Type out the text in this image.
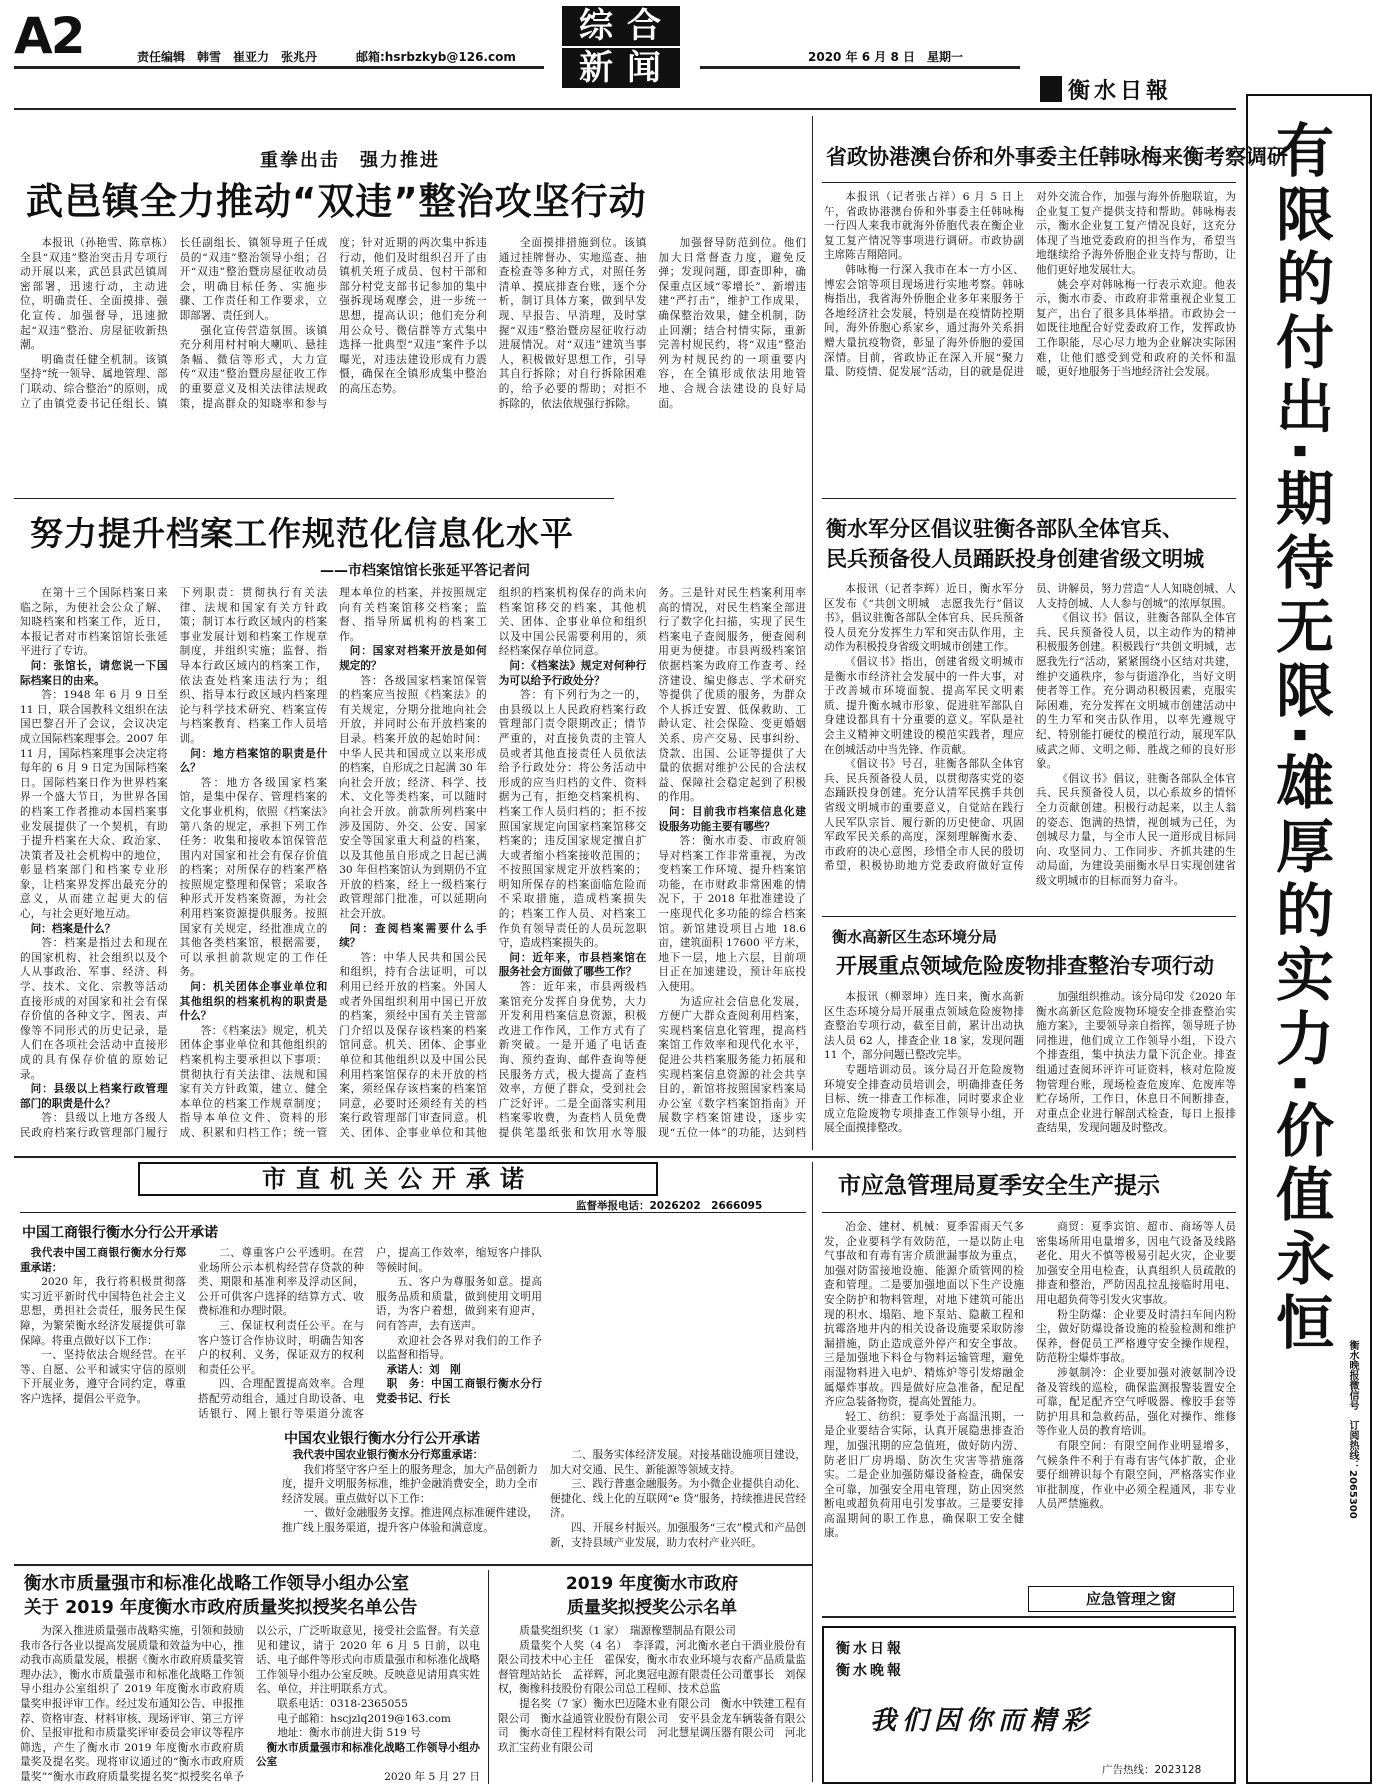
A2	责任编辑　韩雪　崔亚力　张兆丹	邮箱:hsrbzkyb@126.com
综合
新闻	2020 年 6 月 8 日　星期一
衡水日報
有限的付出·期待无限·雄厚的实力·价值永恒
衡水晚报微信号　订阅热线：2065300
重拳出击　强力推进
武邑镇全力推动“双违”整治攻坚行动

本报讯（孙艳雪、陈章栋）全县“双违”整治突击月专项行动开展以来，武邑县武邑镇周密部署，迅速行动，主动进位，明确责任、全面摸排、强化宣传、加强督导，迅速掀起“双违”整治、房屋征收新热潮。

明确责任健全机制。该镇坚持“统一领导、属地管理、部门联动、综合整治”的原则，成立了由镇党委书记任组长、镇长任副组长、镇领导班子任成员的“双违”整治领导小组；召开“双违”整治暨房屋征收动员会，明确目标任务、实施步骤、工作责任和工作要求，立即部署、责任到人。

强化宣传营造氛围。该镇充分利用村村响大喇叭、悬挂条幅、微信等形式，大力宣传“双违”整治暨房屋征收工作的重要意义及相关法律法规政策，提高群众的知晓率和参与度；针对近期的两次集中拆违行动，他们及时组织召开了由镇机关班子成员、包村干部和部分村党支部书记参加的集中强拆现场观摩会，进一步统一思想，提高认识；他们充分利用公众号、微信群等方式集中选择一批典型“双违”案件予以曝光，对违法建设形成有力震慑，确保在全镇形成集中整治的高压态势。

全面摸排措施到位。该镇通过挂牌督办、实地巡查、抽查检查等多种方式，对照任务清单、摸底排查台账，逐个分析，制订具体方案，做到早发现、早报告、早消理，及时掌握“双违”整治暨房屋征收行动进展情况。对“双违”建筑当事人，积极做好思想工作，引导其自行拆除；对自行拆除困难的，给予必要的帮助；对拒不拆除的，依法依规强行拆除。

加强督导防范到位。他们加大日常督查力度，避免反弹；发现问题，即查即种，确保重点区域“零增长”、新增违建“严打击”，维护工作成果，确保整治效果，健全机制，防止回潮；结合村情实际，重新完善村规民约，将“双违”整治列为村规民约的一项重要内容，在全镇形成依法用地管地、合规合法建设的良好局面。

努力提升档案工作规范化信息化水平
——市档案馆馆长张延平答记者问

在第十三个国际档案日来临之际，为使社会公众了解、知晓档案和档案工作，近日，本报记者对市档案馆馆长张延平进行了专访。

问：张馆长，请您说一下国际档案日的由来。

答：1948 年 6 月 9 日至 11 日，联合国教科文组织在法国巴黎召开了会议，会议决定成立国际档案理事会。2007 年 11 月，国际档案理事会决定将每年的 6 月 9 日定为国际档案日。国际档案日作为世界档案界一个盛大节日，为世界各国的档案工作者推动本国档案事业发展提供了一个契机，有助于提升档案在大众、政治家、决策者及社会机构中的地位，彰显档案部门和档案专业形象，让档案界发挥出最充分的意义，从而建立起更大的信心，与社会更好地互动。

问：档案是什么？

答：档案是指过去和现在的国家机构、社会组织以及个人从事政治、军事、经济、科学、技术、文化、宗教等活动直接形成的对国家和社会有保存价值的各种文字、图表、声像等不同形式的历史记录，是人们在各项社会活动中直接形成的具有保存价值的原始记录。

问：县级以上档案行政管理部门的职责是什么？

答：县级以上地方各级人民政府档案行政管理部门履行下列职责：贯彻执行有关法律、法规和国家有关方针政策；制订本行政区域内的档案事业发展计划和档案工作规章制度，并组织实施；监督、指导本行政区域内的档案工作，依法查处档案违法行为；组织、指导本行政区域内档案理论与科学技术研究、档案宣传与档案教育、档案工作人员培训。

问：地方档案馆的职责是什么？

答：地方各级国家档案馆，是集中保存、管理档案的文化事业机构，依照《档案法》第八条的规定，承担下列工作任务：收集和接收本馆保管范围内对国家和社会有保存价值的档案；对所保存的档案严格按照规定整理和保管；采取各种形式开发档案资源，为社会利用档案资源提供服务。按照国家有关规定，经批准成立的其他各类档案馆，根据需要，可以承担前款规定的工作任务。

问：机关团体企事业单位和其他组织的档案机构的职责是什么？

答：《档案法》规定，机关团体企事业单位和其他组织的档案机构主要承担以下事项：贯彻执行有关法律、法规和国家有关方针政策，建立、健全本单位的档案工作规章制度；指导本单位文件、资料的形成、积累和归档工作；统一管理本单位的档案，并按照规定向有关档案馆移交档案；监督、指导所属机构的档案工作。

问：国家对档案开放是如何规定的？

答：各级国家档案馆保管的档案应当按照《档案法》的有关规定，分期分批地向社会开放，并同时公布开放档案的目录。档案开放的起始时间：中华人民共和国成立以来形成的档案，自形成之日起满 30 年向社会开放；经济、科学、技术、文化等类档案，可以随时向社会开放。前款所列档案中涉及国防、外交、公安、国家安全等国家重大利益的档案，以及其他虽自形成之日起已满 30 年但档案馆认为到期仍不宜开放的档案，经上一级档案行政管理部门批准，可以延期向社会开放。

问：查阅档案需要什么手续？

答：中华人民共和国公民和组织，持有合法证明，可以利用已经开放的档案。外国人或者外国组织利用中国已开放的档案，须经中国有关主管部门介绍以及保存该档案的档案馆同意。机关、团体、企事业单位和其他组织以及中国公民利用档案馆保存的未开放的档案，须经保存该档案的档案馆同意，必要时还须经有关的档案行政管理部门审查同意。机关、团体、企事业单位和其他组织的档案机构保存的尚未向档案馆移交的档案，其他机关、团体、企事业单位和组织以及中国公民需要利用的，须经档案保存单位同意。

问：《档案法》规定对何种行为可以给予行政处分？

答：有下列行为之一的，由县级以上人民政府档案行政管理部门责令限期改正；情节严重的，对直接负责的主管人员或者其他直接责任人员依法给予行政处分：将公务活动中形成的应当归档的文件、资料据为己有，拒绝交档案机构、档案工作人员归档的；拒不按照国家规定向国家档案馆移交档案的；违反国家规定擅自扩大或者缩小档案接收范围的；不按照国家规定开放档案的；明知所保存的档案面临危险而不采取措施，造成档案损失的；档案工作人员、对档案工作负有领导责任的人员玩忽职守，造成档案损失的。

问：近年来，市县档案馆在服务社会方面做了哪些工作？

答：近年来，市县两级档案馆充分发挥自身优势，大力开发利用档案信息资源，积极改进工作作风，工作方式有了新突破。一是开通了电话查询、预约查询、邮件查询等便民服务方式，极大提高了查档效率，方便了群众，受到社会广泛好评。二是全面落实利用档案零收费，为查档人员免费提供笔墨纸张和饮用水等服务。三是针对民生档案利用率高的情况，对民生档案全部进行了数字化扫描，实现了民生档案电子查阅服务，便查阅利用更为便捷。市县两级档案馆依据档案为政府工作查考、经济建设、编史修志、学术研究等提供了优质的服务，为群众个人拆迁安置、低保救助、工龄认定、社会保险、变更婚姻关系、房产交易、民事纠纷、贷款、出国、公证等提供了大量的依据对维护公民的合法权益、保障社会稳定起到了积极的作用。

问：目前我市档案信息化建设服务功能主要有哪些？

答：衡水市委、市政府领导对档案工作非常重视，为改变档案工作环境、提升档案馆功能，在市财政非常困难的情况下，于 2018 年批准建设了一座现代化多功能的综合档案馆。新馆建设项目占地 18.6 亩，建筑面积 17600 平方米，地下一层，地上六层，目前项目正在加速建设，预计年底投入使用。

为适应社会信息化发展，方便广大群众查阅利用档案，实现档案信息化管理，提高档案馆工作效率和现代化水平，促进公共档案服务能力拓展和实现档案信息资源的社会共享目的，新馆将按照国家档案局办公室《数字档案馆指南》开展数字档案馆建设，逐步实现“五位一体”的功能，达到档

省政协港澳台侨和外事委主任韩咏梅来衡考察调研

本报讯（记者张占祥）6 月 5 日上午，省政协港澳台侨和外事委主任韩咏梅一行四人来我市就海外侨胞代表在衡企业复工复产情况等事项进行调研。市政协副主席陈吉翔陪同。

韩咏梅一行深入我市在本一方小区、博宏会馆等项目现场进行实地考察。韩咏梅指出，我省海外侨胞企业多年来服务于各地经济社会发展，特别是在疫情防控期间，海外侨胞心系家乡，通过海外关系捐赠大量抗疫物资，彰显了海外侨胞的爱国深情。目前，省政协正在深入开展“聚力量、防疫情、促发展”活动，目的就是促进对外交流合作，加强与海外侨胞联谊，为企业复工复产提供支持和帮助。韩咏梅表示，衡水企业复工复产情况良好，这充分体现了当地党委政府的担当作为，希望当地继续给予海外侨胞企业支持与帮助，让他们更好地发展壮大。

姚会亭对韩咏梅一行表示欢迎。他表示，衡水市委、市政府非常重视企业复工复产，出台了很多具体举措。市政协会一如既往地配合好党委政府工作，发挥政协工作职能，尽心尽力地为企业解决实际困难，让他们感受到党和政府的关怀和温暖，更好地服务于当地经济社会发展。

衡水军分区倡议驻衡各部队全体官兵、
民兵预备役人员踊跃投身创建省级文明城

本报讯（记者李辉）近日，衡水军分区发布《“共创文明城　志愿我先行”倡议书》，倡议驻衡各部队全体官兵、民兵预备役人员充分发挥生力军和突击队作用，主动作为积极投身省级文明城市创建工作。

《倡议书》指出，创建省级文明城市是衡水市经济社会发展中的一件大事，对于改善城市环境面貌、提高军民文明素质、提升衡水城市形象、促进驻军部队自身建设都具有十分重要的意义。军队是社会主义精神文明建设的模范实践者，理应在创城活动中当先锋、作贡献。

《倡议书》号召，驻衡各部队全体官兵、民兵预备役人员，以贯彻落实党的姿态踊跃投身创建。充分认清军民携手共创省级文明城市的重要意义，自觉站在践行人民军队宗旨、履行新的历史使命、巩固军政军民关系的高度，深刻理解衡水委、市政府的决心意图，珍惜全市人民的殷切希望，积极协助地方党委政府做好宣传员、讲解员，努力营造“人人知晓创城、人人支持创城、人人参与创城”的浓厚氛围。

《倡议书》倡议，驻衡各部队全体官兵、民兵预备役人员，以主动作为的精神积极服务创建。积极践行“共创文明城，志愿我先行”活动，紧紧围绕小区结对共建，维护交通秩序，参与街道净化，当好文明使者等工作。充分调动积极因素，克服实际困难，充分发挥在文明城市创建活动中的生力军和突击队作用，以率先遵规守纪、特别能打硬仗的模范行动，展现军队威武之师、文明之师、胜战之师的良好形象。

《倡议书》倡议，驻衡各部队全体官兵、民兵预备役人员，以心系故乡的情怀全力贡献创建。积极行动起来，以主人翁的姿态、饱满的热情，视创城为己任，为创城尽力量，与全市人民一道形成目标同向、攻坚同力、工作同步、齐抓共建的生动局面，为建设美丽衡水早日实现创建省级文明城市的目标而努力奋斗。

衡水高新区生态环境分局
开展重点领域危险废物排查整治专项行动

本报讯（柳翠坤）连日来，衡水高新区生态环境分局开展重点领域危险废物排查整治专项行动，截至目前，累计出动执法人员 62 人，排查企业 18 家，发现问题 11 个，部分问题已整改完毕。

专题培训动员。该分局召开危险废物环境安全排查动员培训会，明确排查任务目标、统一排查工作标准，同时要求企业成立危险废物专项排查工作领导小组，开展全面摸排整改。

加强组织推动。该分局印发《2020 年衡水高新区危险废物环境安全排查整治实施方案》，主要领导亲自指挥，领导班子协同推进，他们成立工作领导小组，下设六个排查组，集中执法力量下沉企业。排查组通过查阅环评许可证资料，核对危险废物管理台账，现场检查危废库、危废库等贮存场所，工作日，休息日不间断排查，对重点企业进行解剖式检查，每日上报排查结果，发现问题及时整改。

市直机关公开承诺
监督举报电话：2026202　2666095
中国工商银行衡水分行公开承诺

我代表中国工商银行衡水分行郑重承诺：

2020 年，我行将积极贯彻落实习近平新时代中国特色社会主义思想，勇担社会责任，服务民生保障，为繁荣衡水经济发展提供可靠保障。将重点做好以下工作：

一、坚持依法合规经营。在平等、自愿、公平和诚实守信的原则下开展业务，遵守合同约定，尊重客户选择，提倡公平竞争。

二、尊重客户公平透明。在营业场所公示本机构经营存贷款的种类、期限和基准利率及浮动区间，公开可供客户选择的结算方式、收费标准和办理时限。

三、保证权利责任公平。在与客户签订合作协议时，明确告知客户的权利、义务，保证双方的权利和责任公平。

四、合理配置提高效率。合理搭配劳动组合，通过自助设备、电话银行、网上银行等渠道分流客户，提高工作效率，缩短客户排队等候时间。

五、客户为尊服务如意。提高服务品质和质量，做到使用文明用语，为客户着想，做到来有迎声，问有答声，去有送声。

欢迎社会各界对我们的工作予以监督和指导。

承诺人：刘　刚

职　务：中国工商银行衡水分行党委书记、行长

中国农业银行衡水分行公开承诺

我代表中国农业银行衡水分行郑重承诺：

我们将坚守客户至上的服务理念，加大产品创新力度，提升文明服务标准，维护金融消费安全，助力全市经济发展。重点做好以下工作：

一、做好金融服务支撑。推进网点标准硬件建设，推广线上服务渠道，提升客户体验和满意度。

二、服务实体经济发展。对接基础设施项目建设，加大对交通、民生、新能源等领域支持。

三、践行普惠金融服务。为小微企业提供自动化、便捷化、线上化的互联网“e 贷”服务，持续推进民营经济。

四、开展乡村振兴。加强服务“三农”模式和产品创新，支持县域产业发展，助力农村产业兴旺。

市应急管理局夏季安全生产提示

冶金、建材、机械：夏季雷雨天气多发，企业要科学有效防范，一是以防止电气事故和有毒有害介质泄漏事故为重点，加强对防雷接地设施、能源介质管网的检查和管理。二是要加强地面以下生产设施安全防护和物料管理，对地下建筑可能出现的积水、塌陷、地下泵站、隐蔽工程和抗霉洛地井内的相关设备设施要采取防渗漏措施，防止造成意外停产和安全事故。三是加强地下料仓与物料运输管理，避免雨湿物料进入电炉、精炼炉等引发熔融金属爆炸事故。四是做好应急准备，配足配齐应急装备物资，提高处置能力。

轻工、纺织：夏季处于高温汛期，一是企业要结合实际，认真开展隐患排查治理，加强汛期的应急值班，做好防内涝、防老旧厂房坍塌、防次生灾害等措施落实。二是企业加强防爆设备检查，确保安全可靠，加强安全用电管理，防止因突然断电或超负荷用电引发事故。三是要安排高温期间的职工作息，确保职工安全健康。

商贸：夏季宾馆、超市、商场等人员密集场所用电量增多，因电气设备及线路老化、用火不慎等极易引起火灾，企业要加强安全用电检查，认真组织人员疏散的排查和整治，严防因乱拉乱接临时用电、用电超负荷等引发火灾事故。

粉尘防爆：企业要及时清扫车间内粉尘，做好防爆设备设施的检验检测和维护保养，督促员工严格遵守安全操作规程，防范粉尘爆炸事故。

涉氨制冷：企业要加强对液氨制冷设备及管线的巡检，确保监测报警装置安全可靠，配足配齐空气呼吸器、橡胶手套等防护用具和急救药品，强化对操作、维修等作业人员的教育培训。

有限空间：有限空间作业明显增多，气候条件不利于有毒有害气体扩散，企业要仔细辨识每个有限空间，严格落实作业审批制度，作业中必须全程通风，非专业人员严禁施救。

应急管理之窗
衡水市质量强市和标准化战略工作领导小组办公室
关于 2019 年度衡水市政府质量奖拟授奖名单公告

为深入推进质量强市战略实施，引领和鼓励我市各行各业以提高发展质量和效益为中心，推动我市高质量发展，根据《衡水市政府质量奖管理办法》，衡水市质量强市和标准化战略工作领导小组办公室组织了 2019 年度衡水市政府质量奖申报评审工作。经过发布通知公告、申报推荐、资格审查、材料审核、现场评审、第三方评价、呈报审批和市质量奖评审委员会审议等程序筛选，产生了衡水市 2019 年度衡水市政府质量奖及提名奖。现将审议通过的“衡水市政府质量奖”“衡水市政府质量奖提名奖”拟授奖名单予以公示，广泛听取意见，接受社会监督。有关意见和建议，请于 2020 年 6 月 5 日前，以电话、电子邮件等形式向市质量强市和标准化战略工作领导小组办公室反映。反映意见请用真实姓名、单位，并注明联系方式。

联系电话：0318-2365055

电子邮箱：hscjzlq2019@163.com

地址：衡水市前进大街 519 号

衡水市质量强市和标准化战略工作领导小组办公室

2020 年 5 月 27 日

2019 年度衡水市政府
质量奖拟授奖公示名单

质量奖组织奖（1 家）　瑞源橡塑制品有限公司

质量奖个人奖（4 名）　李泽霞，河北衡水老白干酒业股份有限公司技术中心主任　霍保安，衡水市农业环境与农畜产品质量监督管理站站长　孟祥辉，河北奥冠电源有限责任公司董事长　刘保权，衡橡科技股份有限公司总工程师、技术总监

提名奖（7 家）衡水巴迈隆木业有限公司　衡水中铁建工程有限公司　衡水益通管业股份有限公司　安平县金龙车辆装备有限公司　衡水奇佳工程材料有限公司　河北慧星调压器有限公司　河北玖汇宝药业有限公司

衡水日報
衡水晚報
我们因你而精彩
广告热线：2023128
